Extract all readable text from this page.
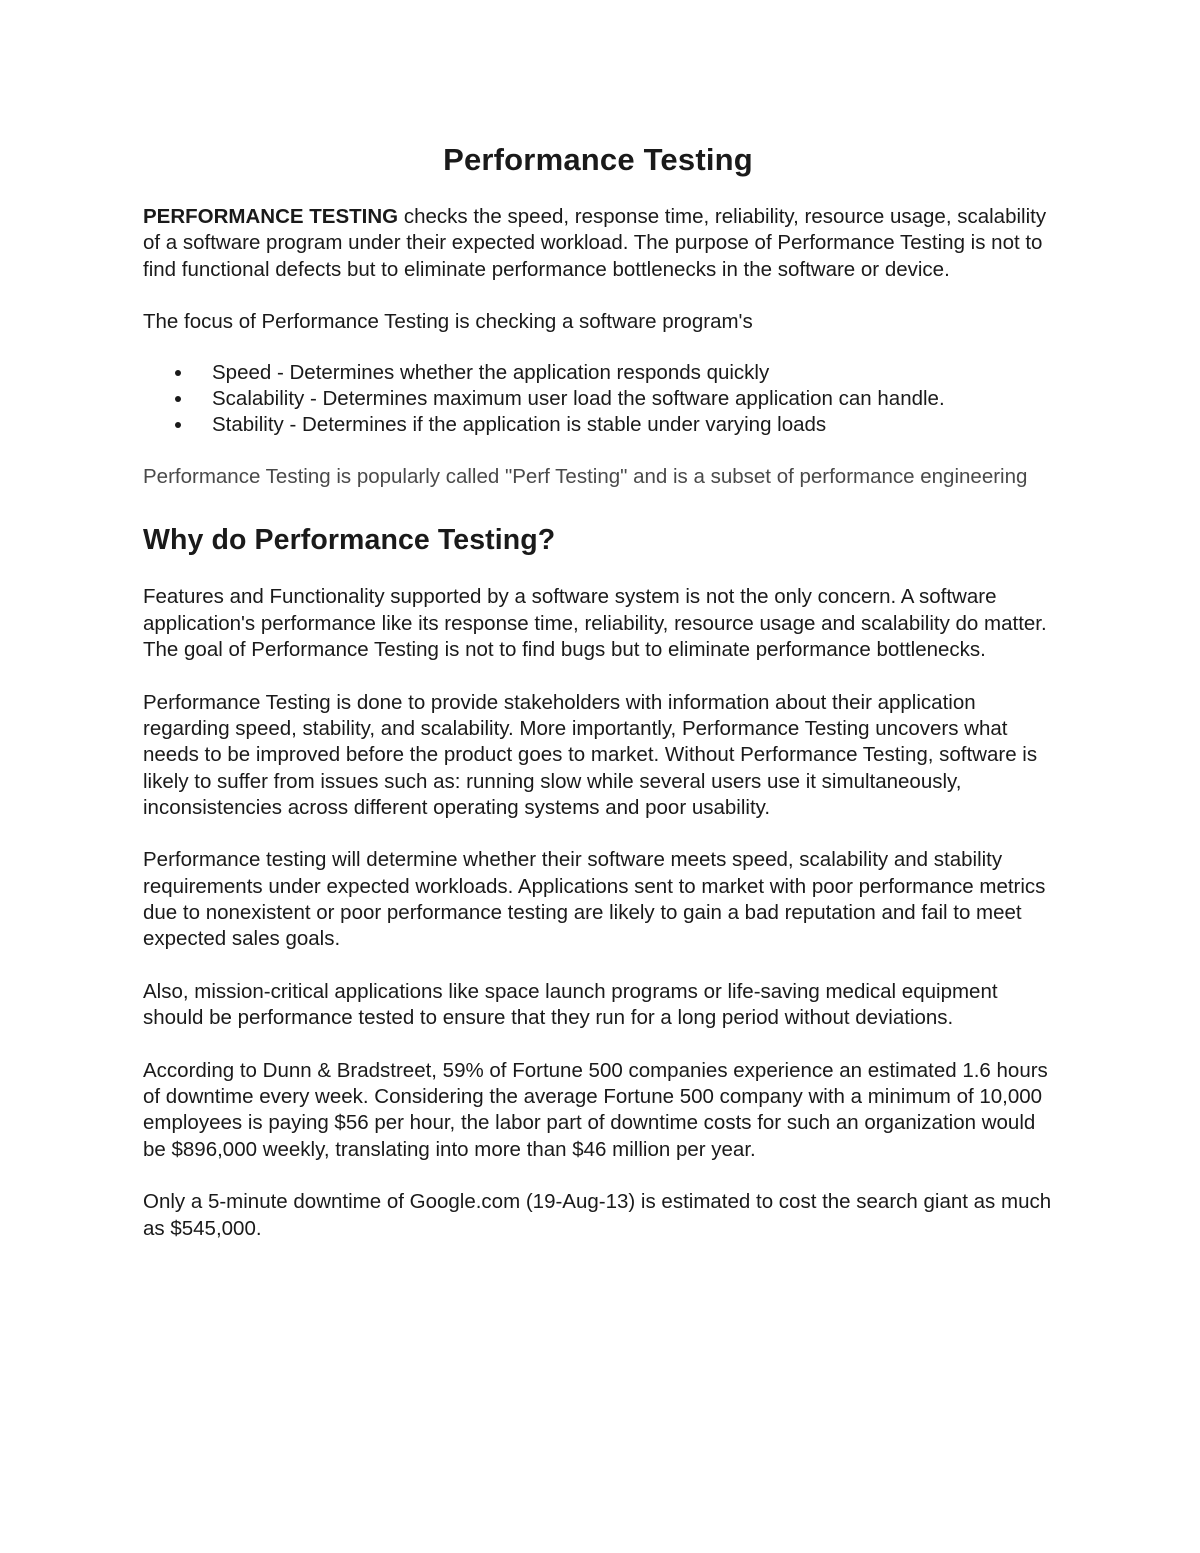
Performance Testing

PERFORMANCE TESTING checks the speed, response time, reliability, resource usage, scalability of a software program under their expected workload. The purpose of Performance Testing is not to find functional defects but to eliminate performance bottlenecks in the software or device.

The focus of Performance Testing is checking a software program's

Speed - Determines whether the application responds quickly
Scalability - Determines maximum user load the software application can handle.
Stability - Determines if the application is stable under varying loads

Performance Testing is popularly called "Perf Testing" and is a subset of performance engineering

Why do Performance Testing?

Features and Functionality supported by a software system is not the only concern. A software application's performance like its response time, reliability, resource usage and scalability do matter. The goal of Performance Testing is not to find bugs but to eliminate performance bottlenecks.

Performance Testing is done to provide stakeholders with information about their application regarding speed, stability, and scalability. More importantly, Performance Testing uncovers what needs to be improved before the product goes to market. Without Performance Testing, software is likely to suffer from issues such as: running slow while several users use it simultaneously, inconsistencies across different operating systems and poor usability.

Performance testing will determine whether their software meets speed, scalability and stability requirements under expected workloads. Applications sent to market with poor performance metrics due to nonexistent or poor performance testing are likely to gain a bad reputation and fail to meet expected sales goals.

Also, mission-critical applications like space launch programs or life-saving medical equipment should be performance tested to ensure that they run for a long period without deviations.

According to Dunn & Bradstreet, 59% of Fortune 500 companies experience an estimated 1.6 hours of downtime every week. Considering the average Fortune 500 company with a minimum of 10,000 employees is paying $56 per hour, the labor part of downtime costs for such an organization would be $896,000 weekly, translating into more than $46 million per year.

Only a 5-minute downtime of Google.com (19-Aug-13) is estimated to cost the search giant as much as $545,000.
